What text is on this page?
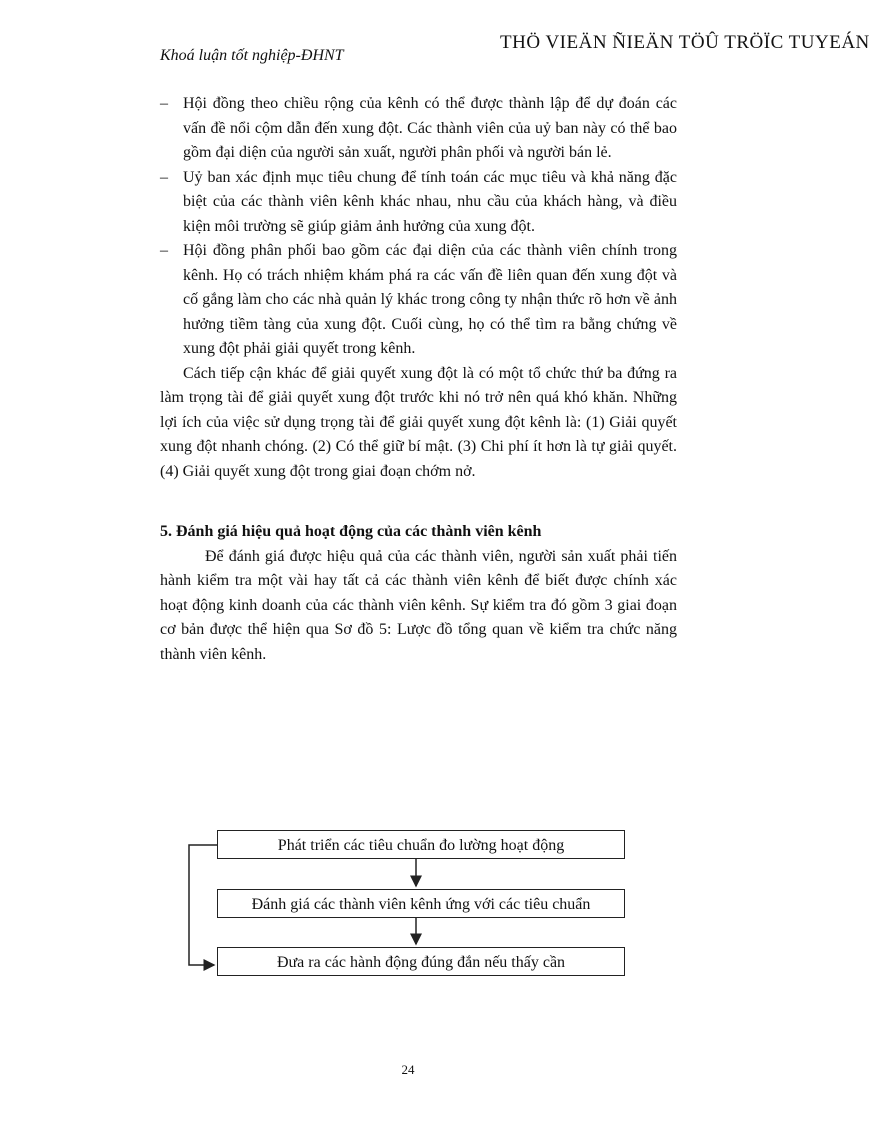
THÖ VIEÄN ÑIEÄN TÖÛ TRÖÏC TUYEÁN
Khoá luận tốt nghiệp-ĐHNT
– Hội đồng theo chiều rộng của kênh có thể được thành lập để dự đoán các vấn đề nổi cộm dẫn đến xung đột. Các thành viên của uỷ ban này có thể bao gồm đại diện của người sản xuất, người phân phối và người bán lẻ.
– Uỷ ban xác định mục tiêu chung để tính toán các mục tiêu và khả năng đặc biệt của các thành viên kênh khác nhau, nhu cầu của khách hàng, và điều kiện môi trường sẽ giúp giảm ảnh hưởng của xung đột.
– Hội đồng phân phối bao gồm các đại diện của các thành viên chính trong kênh. Họ có trách nhiệm khám phá ra các vấn đề liên quan đến xung đột và cố gắng làm cho các nhà quản lý khác trong công ty nhận thức rõ hơn về ảnh hưởng tiềm tàng của xung đột. Cuối cùng, họ có thể tìm ra bằng chứng về xung đột phải giải quyết trong kênh.

Cách tiếp cận khác để giải quyết xung đột là có một tổ chức thứ ba đứng ra làm trọng tài để giải quyết xung đột trước khi nó trở nên quá khó khăn. Những lợi ích của việc sử dụng trọng tài để giải quyết xung đột kênh là: (1) Giải quyết xung đột nhanh chóng. (2) Có thể giữ bí mật. (3) Chi phí ít hơn là tự giải quyết. (4) Giải quyết xung đột trong giai đoạn chớm nở.

5. Đánh giá hiệu quả hoạt động của các thành viên kênh

Để đánh giá được hiệu quả của các thành viên, người sản xuất phải tiến hành kiểm tra một vài hay tất cả các thành viên kênh để biết được chính xác hoạt động kinh doanh của các thành viên kênh. Sự kiểm tra đó gồm 3 giai đoạn cơ bản được thể hiện qua Sơ đồ 5: Lược đồ tổng quan về kiểm tra chức năng thành viên kênh.

Phát triển các tiêu chuẩn đo lường hoạt động
Đánh giá các thành viên kênh ứng với các tiêu chuẩn
Đưa ra các hành động đúng đắn nếu thấy cần
24
